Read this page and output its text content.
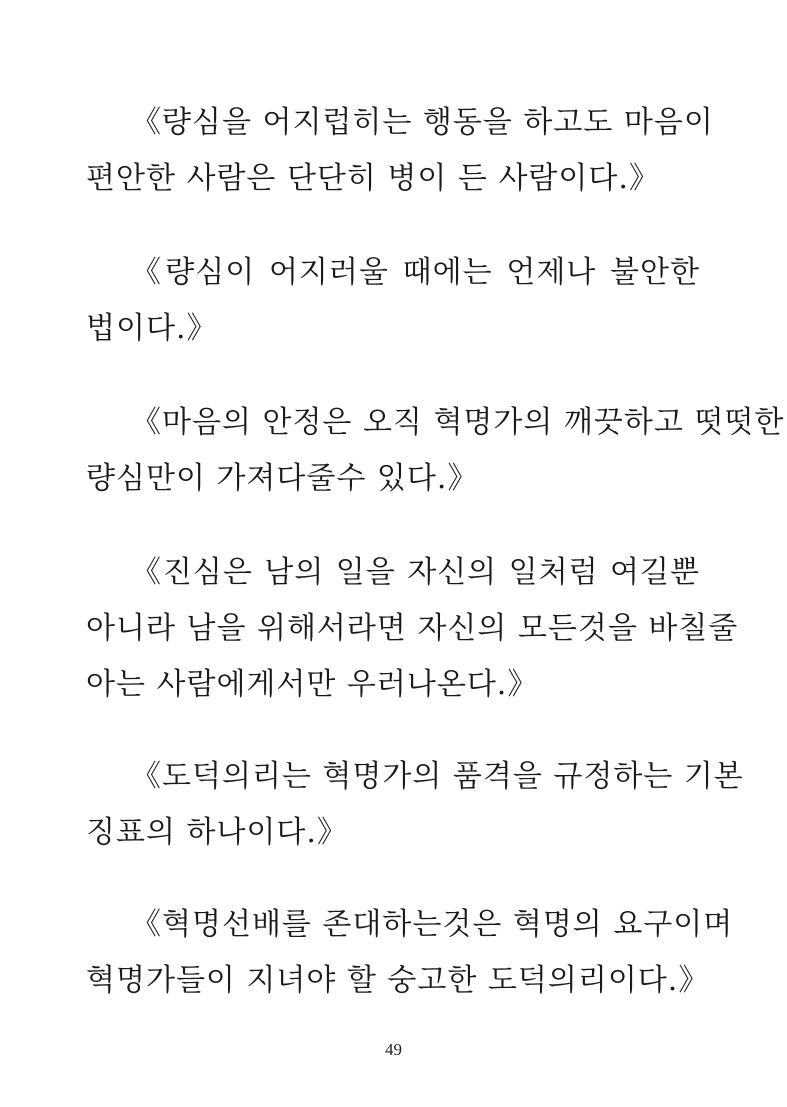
《량심을 어지럽히는 행동을 하고도 마음이
편안한 사람은 단단히 병이 든 사람이다.》
《량심이 어지러울 때에는 언제나 불안한
법이다.》
《마음의 안정은 오직 혁명가의 깨끗하고 떳떳한
량심만이 가져다줄수 있다.》
《진심은 남의 일을 자신의 일처럼 여길뿐
아니라 남을 위해서라면 자신의 모든것을 바칠줄
아는 사람에게서만 우러나온다.》
《도덕의리는 혁명가의 품격을 규정하는 기본
징표의 하나이다.》
《혁명선배를 존대하는것은 혁명의 요구이며
혁명가들이 지녀야 할 숭고한 도덕의리이다.》
49
